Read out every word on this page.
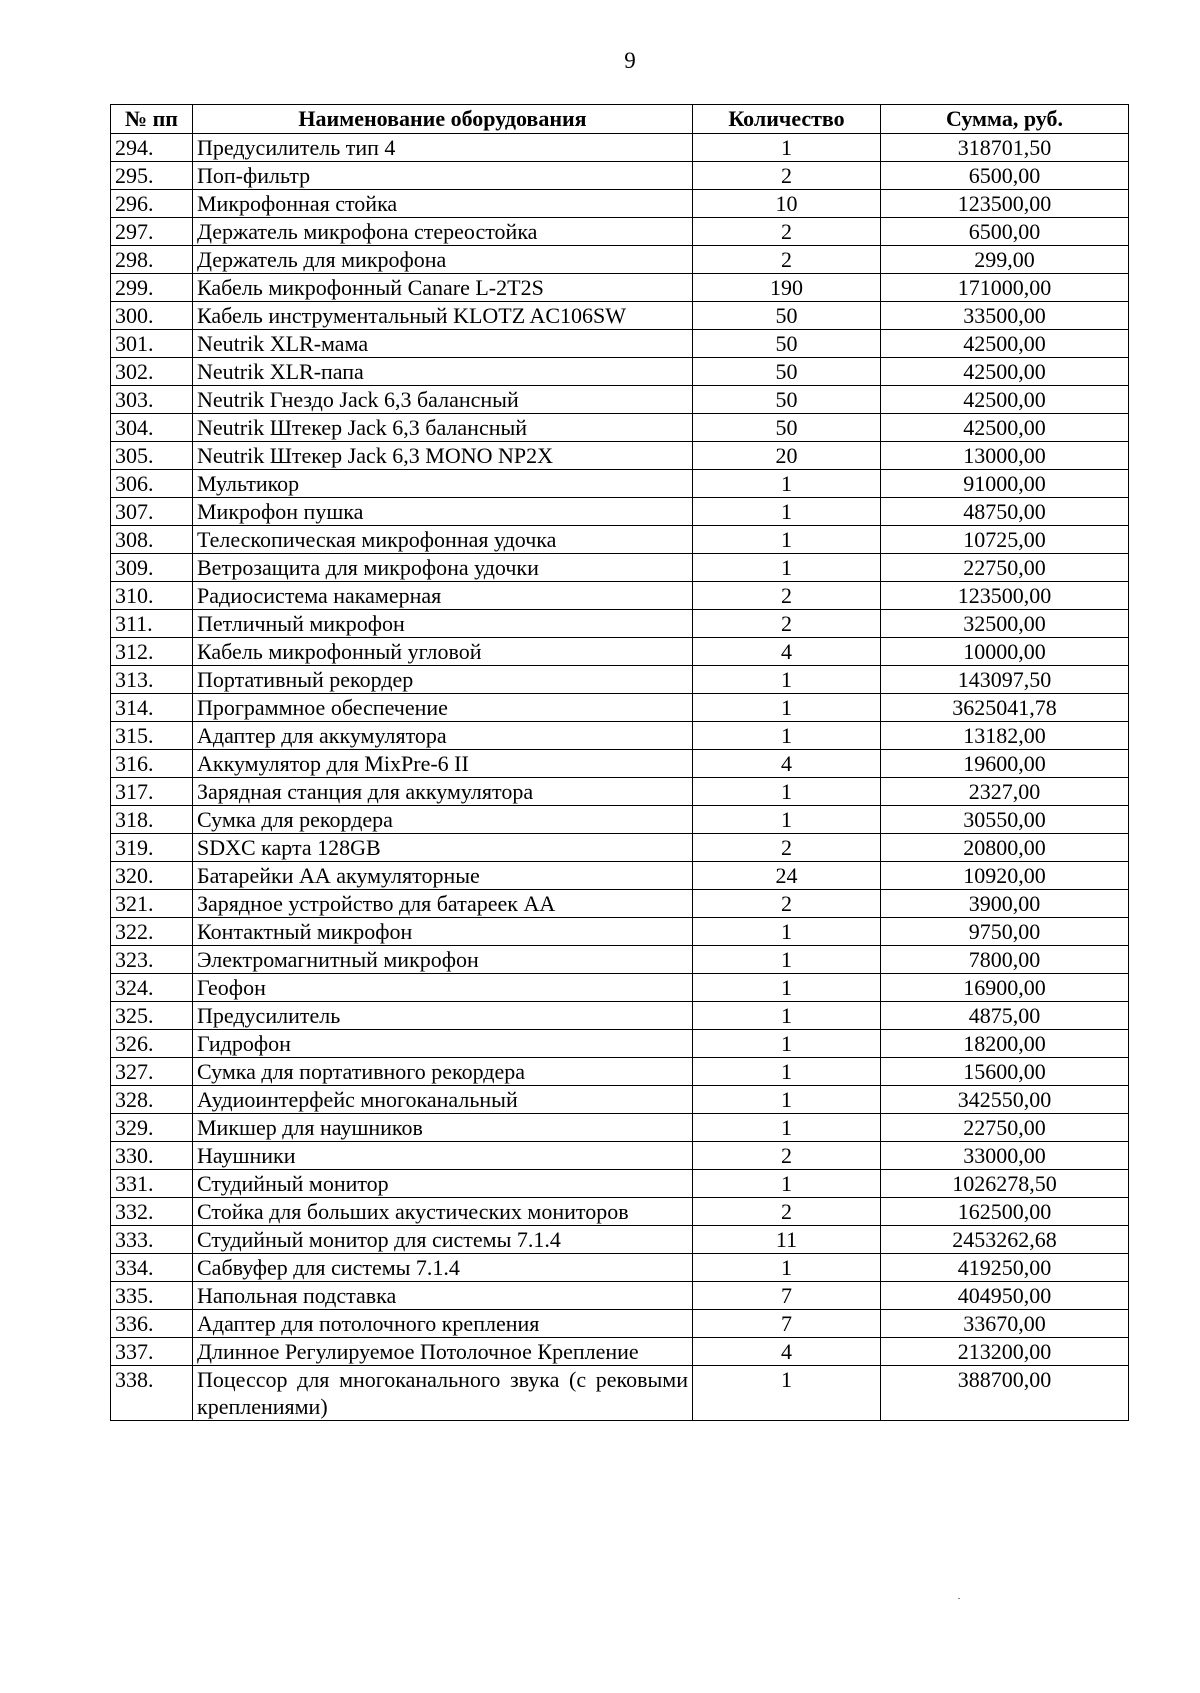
9
№ пп	Наименование оборудования	Количество	Сумма, руб.
294.	Предусилитель тип 4	1	318701,50
295.	Поп-фильтр	2	6500,00
296.	Микрофонная стойка	10	123500,00
297.	Держатель микрофона стереостойка	2	6500,00
298.	Держатель для микрофона	2	299,00
299.	Кабель микрофонный Canare L-2T2S	190	171000,00
300.	Кабель инструментальный KLOTZ AC106SW	50	33500,00
301.	Neutrik XLR-мама	50	42500,00
302.	Neutrik XLR-папа	50	42500,00
303.	Neutrik Гнездо Jack 6,3 балансный	50	42500,00
304.	Neutrik Штекер Jack 6,3 балансный	50	42500,00
305.	Neutrik Штекер Jack 6,3 MONO NP2X	20	13000,00
306.	Мультикор	1	91000,00
307.	Микрофон пушка	1	48750,00
308.	Телескопическая микрофонная удочка	1	10725,00
309.	Ветрозащита для микрофона удочки	1	22750,00
310.	Радиосистема накамерная	2	123500,00
311.	Петличный микрофон	2	32500,00
312.	Кабель микрофонный угловой	4	10000,00
313.	Портативный рекордер	1	143097,50
314.	Программное обеспечение	1	3625041,78
315.	Адаптер для аккумулятора	1	13182,00
316.	Аккумулятор для MixPre-6 II	4	19600,00
317.	Зарядная станция для аккумулятора	1	2327,00
318.	Сумка для рекордера	1	30550,00
319.	SDXC карта 128GB	2	20800,00
320.	Батарейки АА акумуляторные	24	10920,00
321.	Зарядное устройство для батареек АА	2	3900,00
322.	Контактный микрофон	1	9750,00
323.	Электромагнитный микрофон	1	7800,00
324.	Геофон	1	16900,00
325.	Предусилитель	1	4875,00
326.	Гидрофон	1	18200,00
327.	Сумка для портативного рекордера	1	15600,00
328.	Аудиоинтерфейс многоканальный	1	342550,00
329.	Микшер для наушников	1	22750,00
330.	Наушники	2	33000,00
331.	Студийный монитор	1	1026278,50
332.	Стойка для больших акустических мониторов	2	162500,00
333.	Студийный монитор для системы 7.1.4	11	2453262,68
334.	Сабвуфер для системы 7.1.4	1	419250,00
335.	Напольная подставка	7	404950,00
336.	Адаптер для потолочного крепления	7	33670,00
337.	Длинное Регулируемое Потолочное Крепление	4	213200,00
338.	Поцессор для многоканального звука (с рековыми креплениями)	1	388700,00
